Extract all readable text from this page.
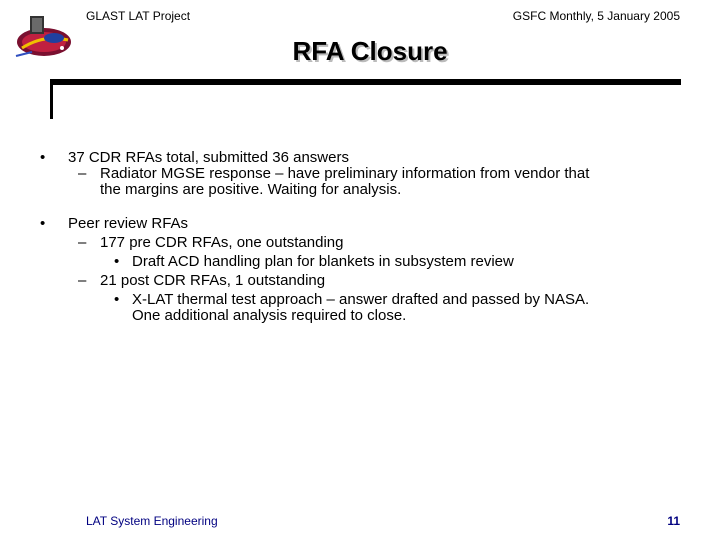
GLAST LAT Project	GSFC Monthly, 5 January 2005
RFA Closure
• 37 CDR RFAs total, submitted 36 answers
– Radiator MGSE response – have preliminary information from vendor that
the margins are positive. Waiting for analysis.
• Peer review RFAs
– 177 pre CDR RFAs, one outstanding
• Draft ACD handling plan for blankets in subsystem review
– 21 post CDR RFAs, 1 outstanding
• X-LAT thermal test approach – answer drafted and passed by NASA.
One additional analysis required to close.
LAT System Engineering	11
